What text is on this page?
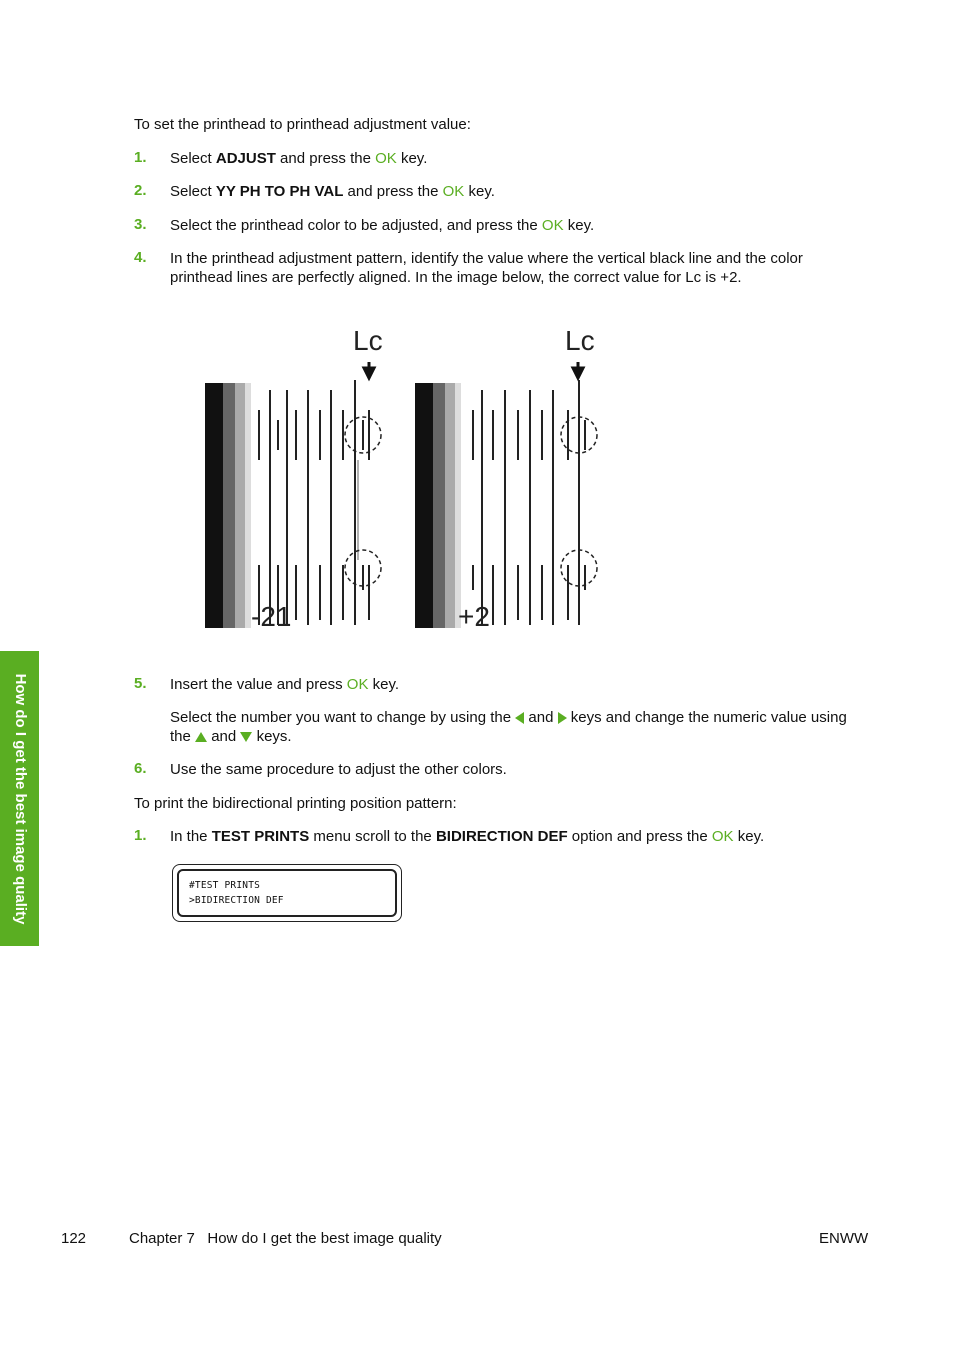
To set the printhead to printhead adjustment value:
1. Select ADJUST and press the OK key.
2. Select YY PH TO PH VAL and press the OK key.
3. Select the printhead color to be adjusted, and press the OK key.
4. In the printhead adjustment pattern, identify the value where the vertical black line and the color
printhead lines are perfectly aligned. In the image below, the correct value for Lc is +2.
Lc
-21
Lc
+2
5. Insert the value and press OK key.
Select the number you want to change by using the  and  keys and change the numeric value using
the  and  keys.
6. Use the same procedure to adjust the other colors.
To print the bidirectional printing position pattern:
1. In the TEST PRINTS menu scroll to the BIDIRECTION DEF option and press the OK key.
#TEST PRINTS
>BIDIRECTION DEF
How do I get the best image quality
122	Chapter 7   How do I get the best image quality	ENWW
